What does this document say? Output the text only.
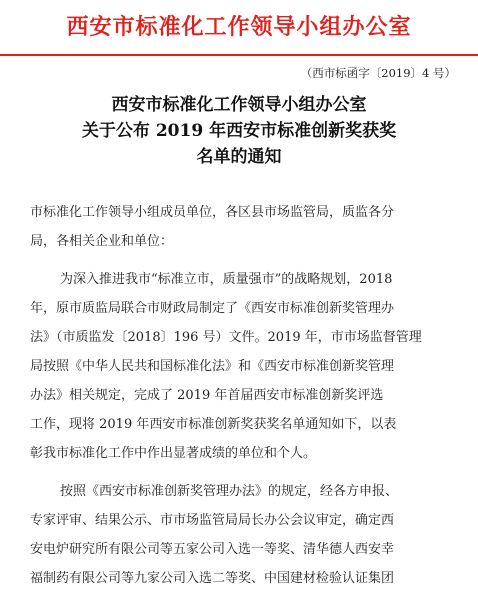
西安市标准化工作领导小组办公室
（西市标函字〔2019〕4 号）
西安市标准化工作领导小组办公室
关于公布 2019 年西安市标准创新奖获奖
名单的通知

市标准化工作领导小组成员单位，各区县市场监管局，质监各分

局，各相关企业和单位：

为深入推进我市“标准立市，质量强市”的战略规划，2018

年，原市质监局联合市财政局制定了《西安市标准创新奖管理办

法》（市质监发〔2018〕196 号）文件。2019 年，市市场监督管理

局按照《中华人民共和国标准化法》和《西安市标准创新奖管理

办法》相关规定，完成了 2019 年首届西安市标准创新奖评选

工作，现将 2019 年西安市标准创新奖获奖名单通知如下，以表

彰我市标准化工作中作出显著成绩的单位和个人。

按照《西安市标准创新奖管理办法》的规定，经各方申报、

专家评审、结果公示、市市场监管局局长办公会议审定，确定西

安电炉研究所有限公司等五家公司入选一等奖、清华德人西安幸

福制药有限公司等九家公司入选二等奖、中国建材检验认证集团
